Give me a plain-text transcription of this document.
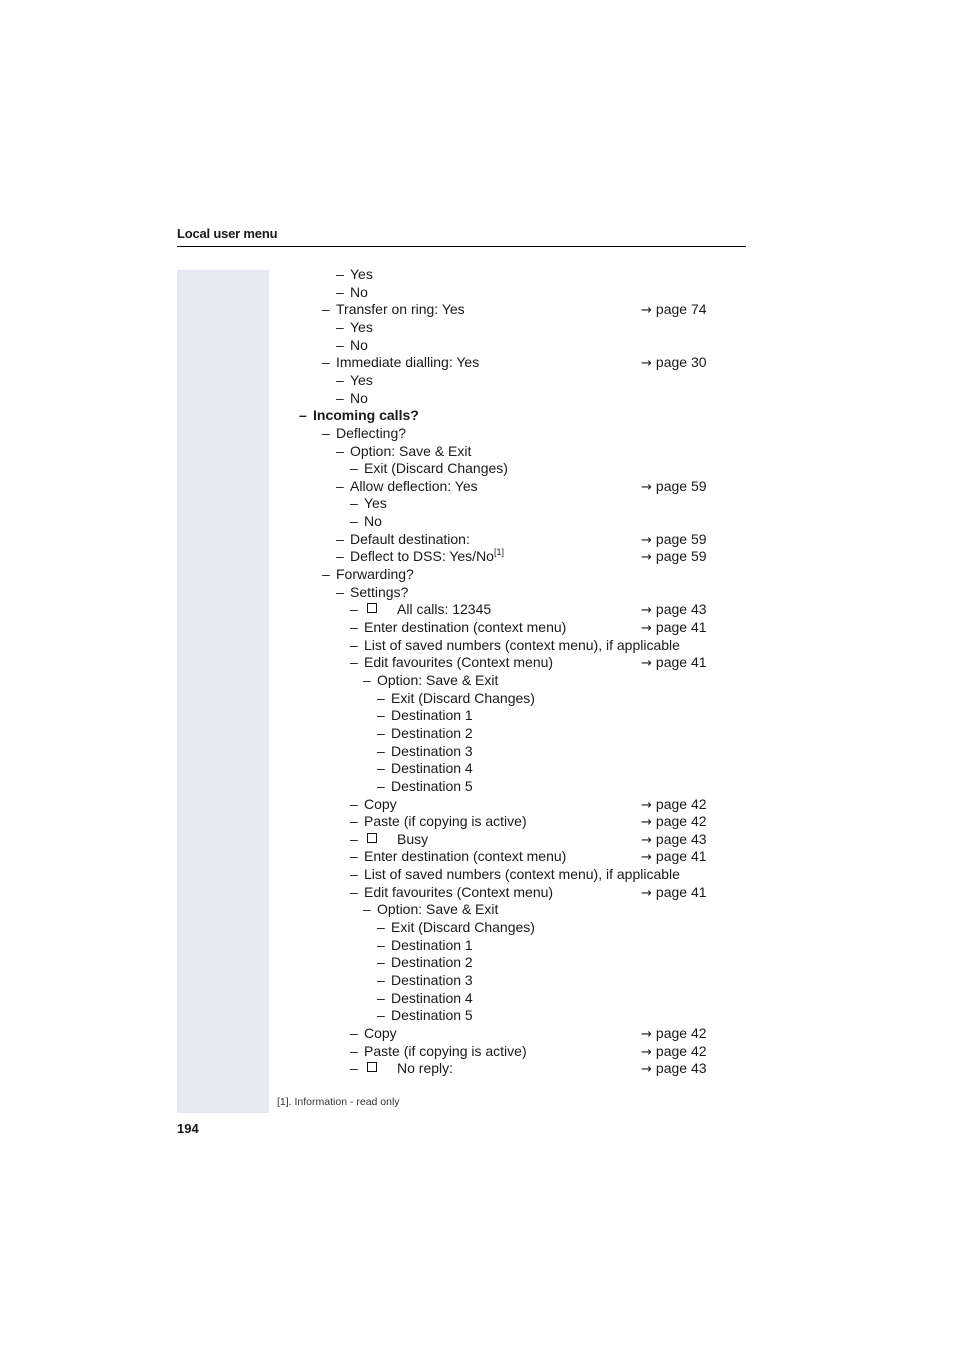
Local user menu
– Yes
– No
– Transfer on ring: Yes	→ page 74
– Yes
– No
– Immediate dialling: Yes	→ page 30
– Yes
– No
– Incoming calls?
– Deflecting?
– Option: Save & Exit
– Exit (Discard Changes)
– Allow deflection: Yes	→ page 59
– Yes
– No
– Default destination:	→ page 59
– Deflect to DSS: Yes/No[1]	→ page 59
– Forwarding?
– Settings?
–	All calls: 12345	→ page 43
– Enter destination (context menu)	→ page 41
– List of saved numbers (context menu), if applicable
– Edit favourites (Context menu)	→ page 41
– Option: Save & Exit
– Exit (Discard Changes)
– Destination 1
– Destination 2
– Destination 3
– Destination 4
– Destination 5
– Copy	→ page 42
– Paste (if copying is active)	→ page 42
–	Busy	→ page 43
– Enter destination (context menu)	→ page 41
– List of saved numbers (context menu), if applicable
– Edit favourites (Context menu)	→ page 41
– Option: Save & Exit
– Exit (Discard Changes)
– Destination 1
– Destination 2
– Destination 3
– Destination 4
– Destination 5
– Copy	→ page 42
– Paste (if copying is active)	→ page 42
–	No reply:	→ page 43
[1]. Information - read only
194
